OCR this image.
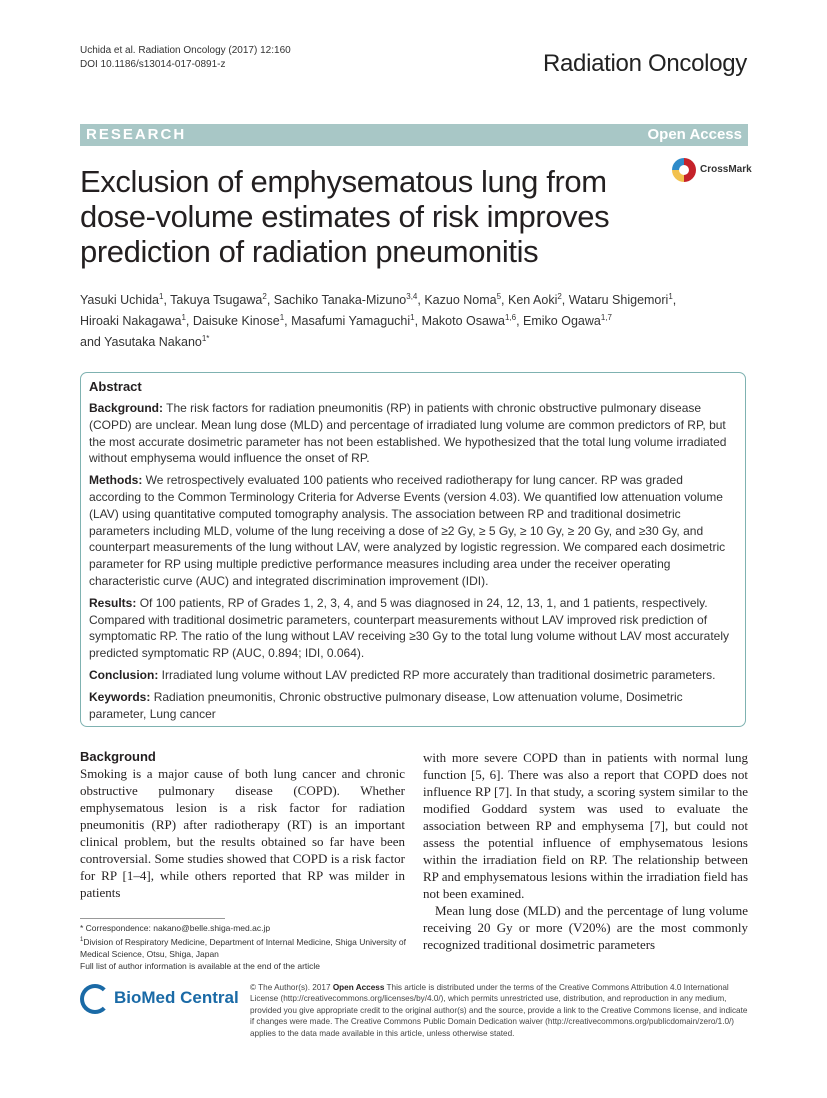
Uchida et al. Radiation Oncology (2017) 12:160
DOI 10.1186/s13014-017-0891-z	Radiation Oncology
RESEARCH	Open Access
CrossMark
Exclusion of emphysematous lung from dose-volume estimates of risk improves prediction of radiation pneumonitis
Yasuki Uchida$^1$, Takuya Tsugawa$^2$, Sachiko Tanaka-Mizuno$^{3,4}$, Kazuo Noma$^5$, Ken Aoki$^2$, Wataru Shigemori$^1$,
Hiroaki Nakagawa$^1$, Daisuke Kinose$^1$, Masafumi Yamaguchi$^1$, Makoto Osawa$^{1,6}$, Emiko Ogawa$^{1,7}$
and Yasutaka Nakano$^{1*}$
Abstract

Background: The risk factors for radiation pneumonitis (RP) in patients with chronic obstructive pulmonary disease (COPD) are unclear. Mean lung dose (MLD) and percentage of irradiated lung volume are common predictors of RP, but the most accurate dosimetric parameter has not been established. We hypothesized that the total lung volume irradiated without emphysema would influence the onset of RP.

Methods: We retrospectively evaluated 100 patients who received radiotherapy for lung cancer. RP was graded according to the Common Terminology Criteria for Adverse Events (version 4.03). We quantified low attenuation volume (LAV) using quantitative computed tomography analysis. The association between RP and traditional dosimetric parameters including MLD, volume of the lung receiving a dose of ≥2 Gy, ≥ 5 Gy, ≥ 10 Gy, ≥ 20 Gy, and ≥30 Gy, and counterpart measurements of the lung without LAV, were analyzed by logistic regression. We compared each dosimetric parameter for RP using multiple predictive performance measures including area under the receiver operating characteristic curve (AUC) and integrated discrimination improvement (IDI).

Results: Of 100 patients, RP of Grades 1, 2, 3, 4, and 5 was diagnosed in 24, 12, 13, 1, and 1 patients, respectively. Compared with traditional dosimetric parameters, counterpart measurements without LAV improved risk prediction of symptomatic RP. The ratio of the lung without LAV receiving ≥30 Gy to the total lung volume without LAV most accurately predicted symptomatic RP (AUC, 0.894; IDI, 0.064).

Conclusion: Irradiated lung volume without LAV predicted RP more accurately than traditional dosimetric parameters.

Keywords: Radiation pneumonitis, Chronic obstructive pulmonary disease, Low attenuation volume, Dosimetric parameter, Lung cancer

Background

Smoking is a major cause of both lung cancer and chronic obstructive pulmonary disease (COPD). Whether emphysematous lesion is a risk factor for radiation pneumonitis (RP) after radiotherapy (RT) is an important clinical problem, but the results obtained so far have been controversial. Some studies showed that COPD is a risk factor for RP [1–4], while others reported that RP was milder in patients

with more severe COPD than in patients with normal lung function [5, 6]. There was also a report that COPD does not influence RP [7]. In that study, a scoring system similar to the modified Goddard system was used to evaluate the association between RP and emphysema [7], but could not assess the potential influence of emphysematous lesions within the irradiation field on RP. The relationship between RP and emphysematous lesions within the irradiation field has not been examined.

Mean lung dose (MLD) and the percentage of lung volume receiving 20 Gy or more (V20%) are the most commonly recognized traditional dosimetric parameters

* Correspondence: nakano@belle.shiga-med.ac.jp
$^1$Division of Respiratory Medicine, Department of Internal Medicine, Shiga University of Medical Science, Otsu, Shiga, Japan
Full list of author information is available at the end of the article
BioMed Central
© The Author(s). 2017 Open Access This article is distributed under the terms of the Creative Commons Attribution 4.0 International License (http://creativecommons.org/licenses/by/4.0/), which permits unrestricted use, distribution, and reproduction in any medium, provided you give appropriate credit to the original author(s) and the source, provide a link to the Creative Commons license, and indicate if changes were made. The Creative Commons Public Domain Dedication waiver (http://creativecommons.org/publicdomain/zero/1.0/) applies to the data made available in this article, unless otherwise stated.
